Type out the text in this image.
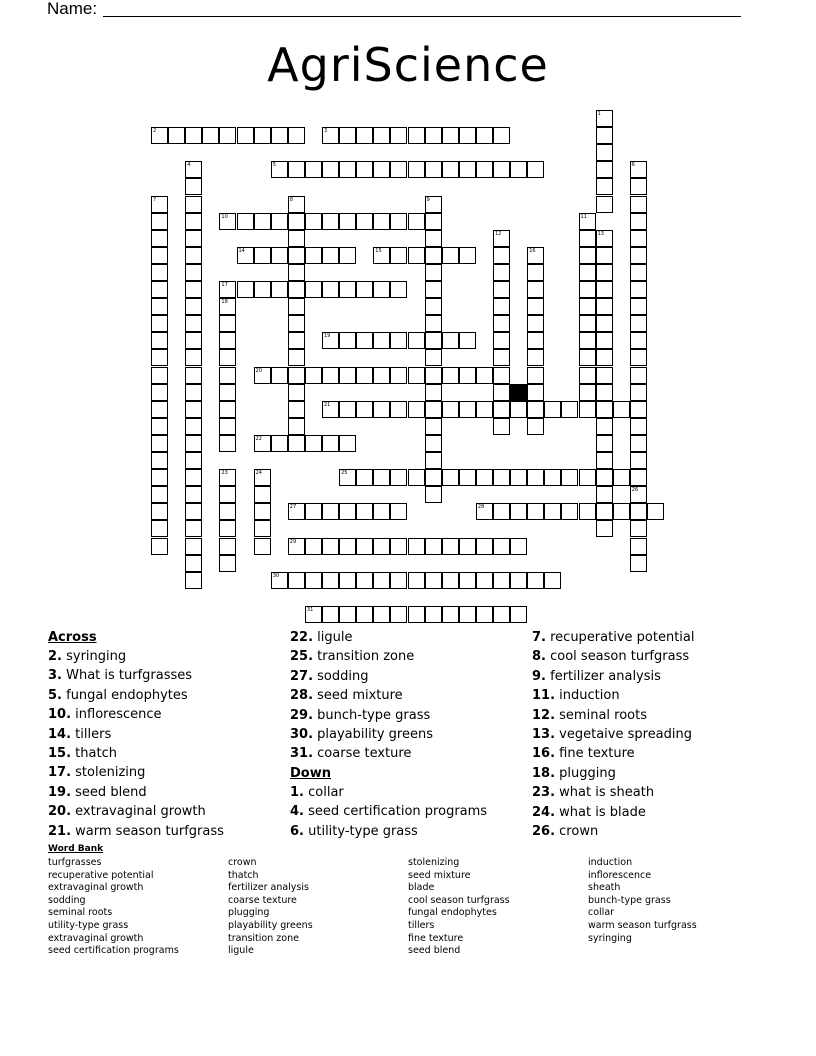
Name:
AgriScience
2	3
5
10
14	15
17
19
20
21
22
25
27	28
29
30
31
1
4	6
26
7	8	9
11
12	13
16
18
23	24
Across
2. syringing
3. What is turfgrasses
5. fungal endophytes
10. inflorescence
14. tillers
15. thatch
17. stolenizing
19. seed blend
20. extravaginal growth
21. warm season turfgrass
22. ligule
25. transition zone
27. sodding
28. seed mixture
29. bunch-type grass
30. playability greens
31. coarse texture
Down
1. collar
4. seed certification programs
6. utility-type grass
7. recuperative potential
8. cool season turfgrass
9. fertilizer analysis
11. induction
12. seminal roots
13. vegetaive spreading
16. fine texture
18. plugging
23. what is sheath
24. what is blade
26. crown
Word Bank
turfgrasses
recuperative potential
extravaginal growth
sodding
seminal roots
utility-type grass
extravaginal growth
seed certification programs
crown
thatch
fertilizer analysis
coarse texture
plugging
playability greens
transition zone
ligule
stolenizing
seed mixture
blade
cool season turfgrass
fungal endophytes
tillers
fine texture
seed blend
induction
inflorescence
sheath
bunch-type grass
collar
warm season turfgrass
syringing
